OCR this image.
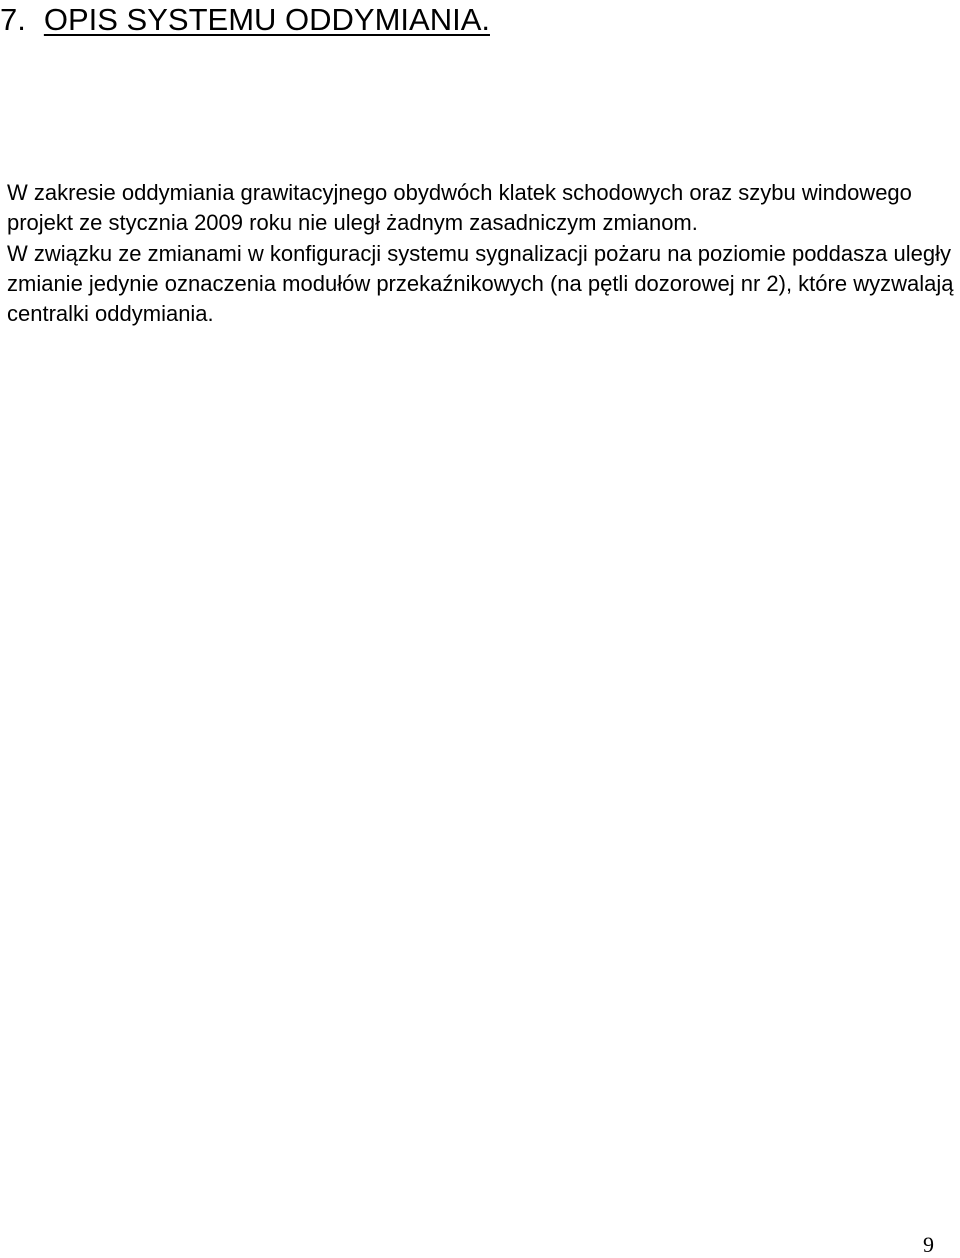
7. OPIS SYSTEMU ODDYMIANIA.

W zakresie oddymiania grawitacyjnego obydwóch klatek schodowych oraz szybu windowego projekt ze stycznia 2009 roku nie uległ żadnym zasadniczym zmianom.

W związku ze zmianami w konfiguracji systemu sygnalizacji pożaru na poziomie poddasza uległy zmianie jedynie oznaczenia modułów przekaźnikowych (na pętli dozorowej nr 2), które wyzwalają centralki oddymiania.

9
